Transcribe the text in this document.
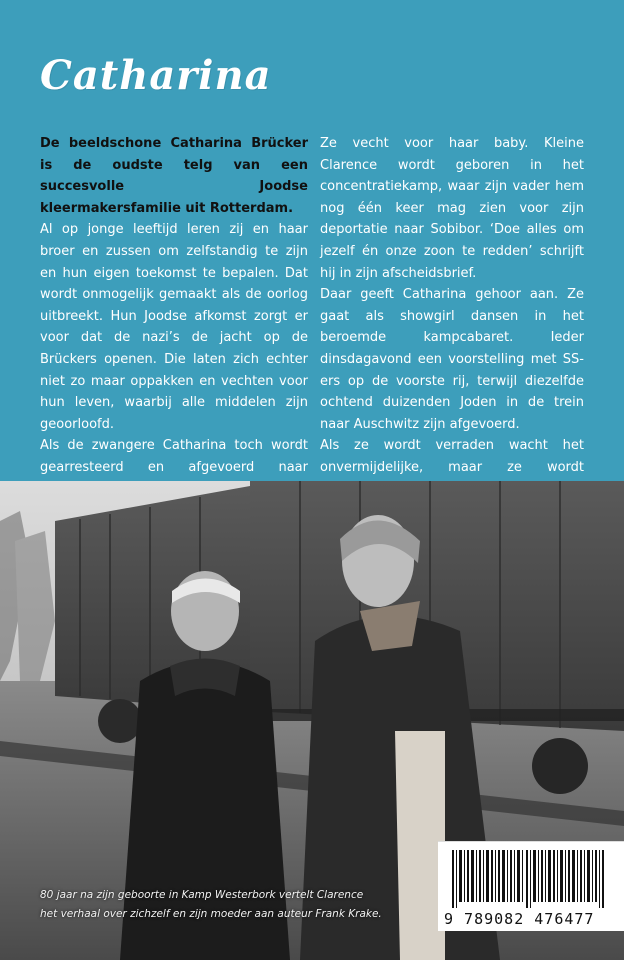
Catharina

De beeldschone Catharina Brücker is de oudste telg van een succesvolle Joodse kleermakersfamilie uit Rotterdam.

Al op jonge leeftijd leren zij en haar broer en zussen om zelfstandig te zijn en hun eigen toekomst te bepalen. Dat wordt onmogelijk gemaakt als de oorlog uitbreekt. Hun Joodse afkomst zorgt er voor dat de nazi’s de jacht op de Brückers openen. Die laten zich echter niet zo maar oppakken en vechten voor hun leven, waarbij alle middelen zijn geoorloofd.

Als de zwangere Catharina toch wordt gearresteerd en afgevoerd naar

Ze vecht voor haar baby. Kleine Clarence wordt geboren in het concentratiekamp, waar zijn vader hem nog één keer mag zien voor zijn deportatie naar Sobibor. ‘Doe alles om jezelf én onze zoon te redden’ schrijft hij in zijn afscheidsbrief.

Daar geeft Catharina gehoor aan. Ze gaat als showgirl dansen in het beroemde kampcabaret. Ieder dinsdagavond een voorstelling met SS-ers op de voorste rij, terwijl diezelfde ochtend duizenden Joden in de trein naar Auschwitz zijn afgevoerd.

Als ze wordt verraden wacht het onvermijdelijke, maar ze wordt

80 jaar na zijn geboorte in Kamp Westerbork vertelt Clarence
het verhaal over zichzelf en zijn moeder aan auteur Frank Krake.	9 789082 476477
